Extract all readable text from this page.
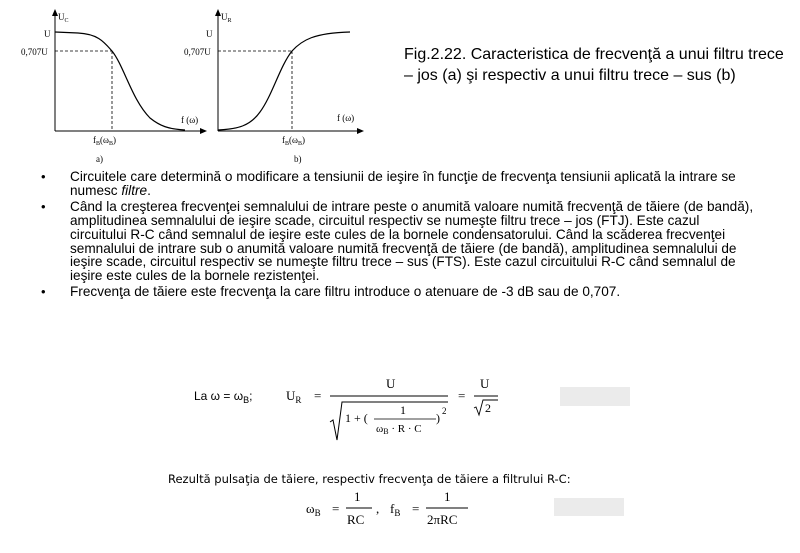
$U_C$
U
0,707U
f (ω)
$f_B(\omega_B)$
a)
$U_R$
U
0,707U
f (ω)
$f_B(\omega_B)$
b)
Fig.2.22. Caracteristica de frecvenţă a unui filtru trece – jos (a) şi respectiv a unui filtru trece – sus (b)
• Circuitele care determină o modificare a tensiunii de ieşire în funcţie de frecvenţa tensiunii aplicată la intrare se numesc filtre.
• Când la creşterea frecvenţei semnalului de intrare peste o anumită valoare numită frecvenţă de tăiere (de bandă), amplitudinea semnalului de ieşire scade, circuitul respectiv se numeşte filtru trece – jos (FTJ). Este cazul circuitului R-C când semnalul de ieşire este cules de la bornele condensatorului. Când la scăderea frecvenţei semnalului de intrare sub o anumită valoare numită frecvenţă de tăiere (de bandă), amplitudinea semnalului de ieşire scade, circuitul respectiv se numeşte filtru trece – sus (FTS). Este cazul circuitului R-C când semnalul de ieşire este cules de la bornele rezistenţei.
• Frecvenţa de tăiere este frecvenţa la care filtru introduce o atenuare de -3 dB sau de 0,707.
La $\omega = \omega_B$;	$U_R$ =
U
1 + (
1
ωB · R · C
) 2
=
U
2
Rezultă pulsaţia de tăiere, respectiv frecvenţa de tăiere a filtrului R-C:
$\omega_B$ =
1
RC
, $f_B$ =
1
2πRC
